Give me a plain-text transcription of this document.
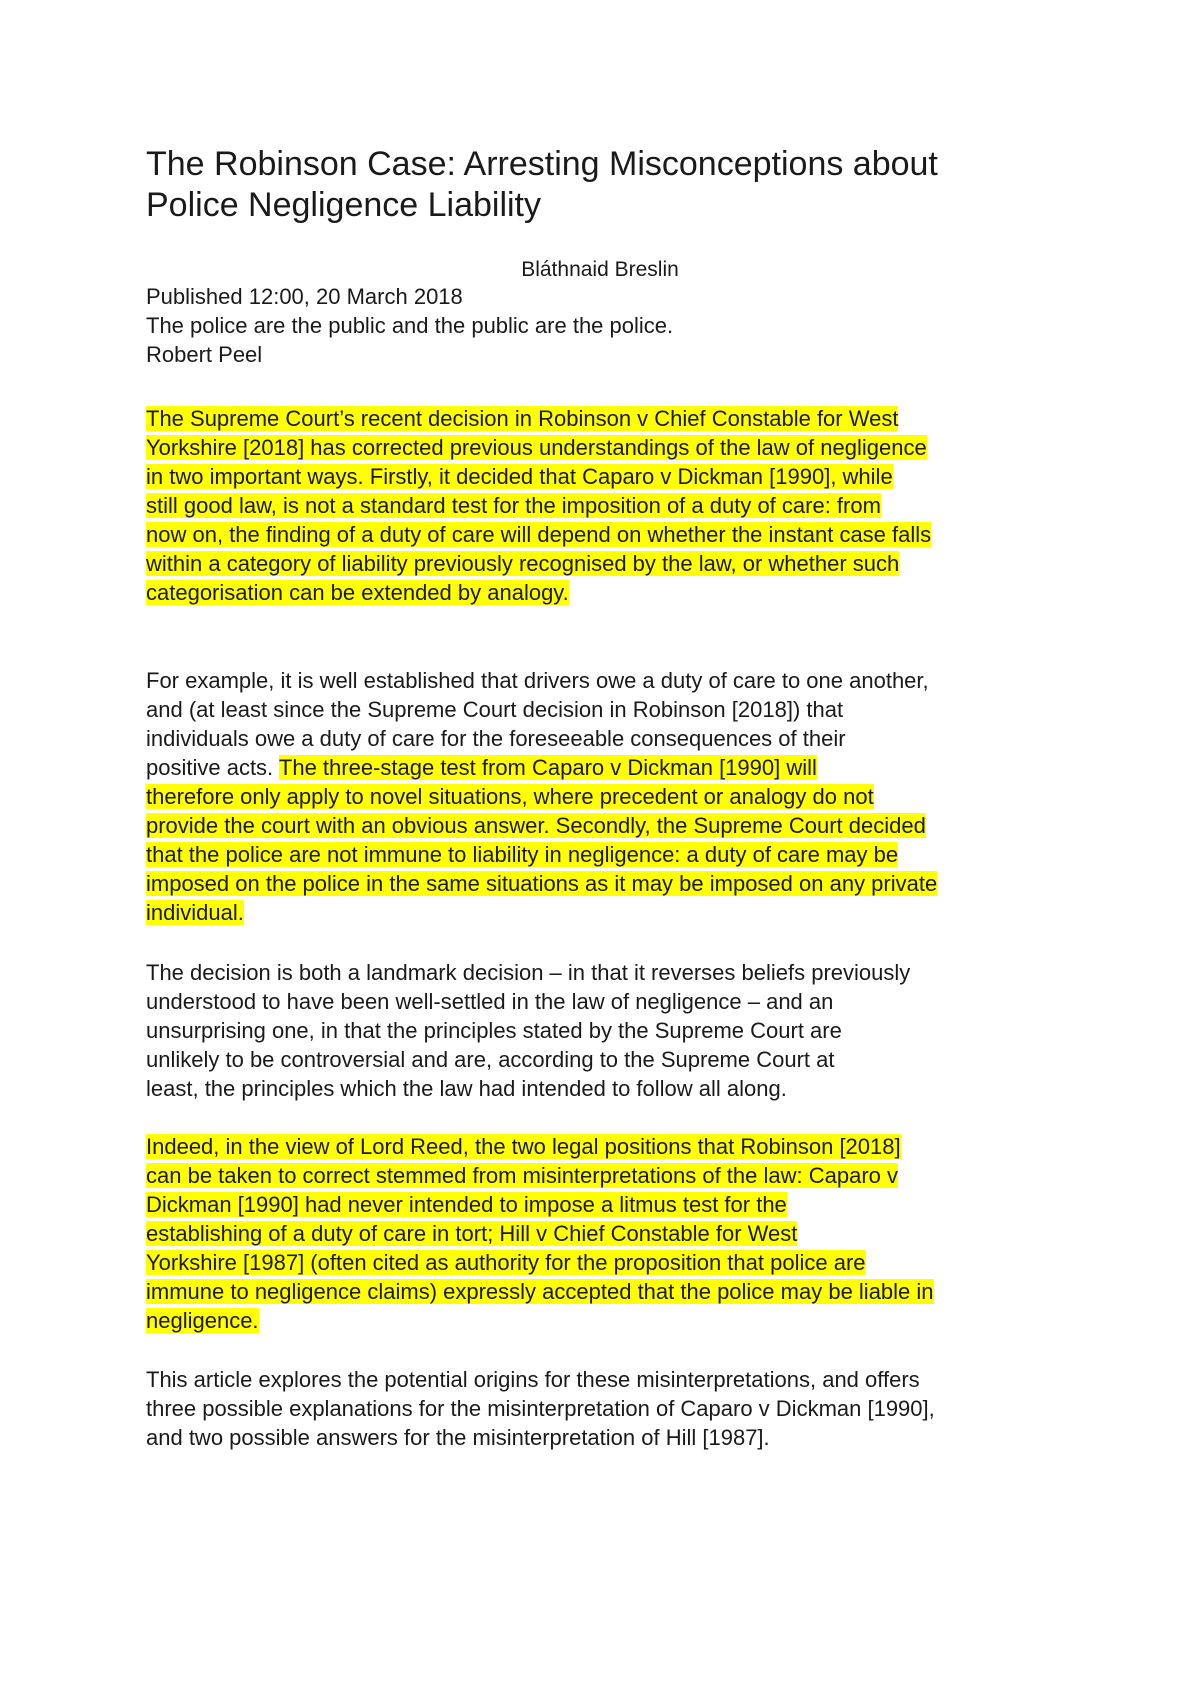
The Robinson Case: Arresting Misconceptions about
Police Negligence Liability

Bláthnaid Breslin

Published 12:00, 20 March 2018
The police are the public and the public are the police.
Robert Peel
The Supreme Court’s recent decision in Robinson v Chief Constable for West
Yorkshire [2018] has corrected previous understandings of the law of negligence
in two important ways. Firstly, it decided that Caparo v Dickman [1990], while
still good law, is not a standard test for the imposition of a duty of care: from
now on, the finding of a duty of care will depend on whether the instant case falls
within a category of liability previously recognised by the law, or whether such
categorisation can be extended by analogy.
For example, it is well established that drivers owe a duty of care to one another,
and (at least since the Supreme Court decision in Robinson [2018]) that
individuals owe a duty of care for the foreseeable consequences of their
positive acts. The three-stage test from Caparo v Dickman [1990] will
therefore only apply to novel situations, where precedent or analogy do not
provide the court with an obvious answer. Secondly, the Supreme Court decided
that the police are not immune to liability in negligence: a duty of care may be
imposed on the police in the same situations as it may be imposed on any private
individual.
The decision is both a landmark decision – in that it reverses beliefs previously
understood to have been well-settled in the law of negligence – and an
unsurprising one, in that the principles stated by the Supreme Court are
unlikely to be controversial and are, according to the Supreme Court at
least, the principles which the law had intended to follow all along.
Indeed, in the view of Lord Reed, the two legal positions that Robinson [2018]
can be taken to correct stemmed from misinterpretations of the law: Caparo v
Dickman [1990] had never intended to impose a litmus test for the
establishing of a duty of care in tort; Hill v Chief Constable for West
Yorkshire [1987] (often cited as authority for the proposition that police are
immune to negligence claims) expressly accepted that the police may be liable in
negligence.
This article explores the potential origins for these misinterpretations, and offers
three possible explanations for the misinterpretation of Caparo v Dickman [1990],
and two possible answers for the misinterpretation of Hill [1987].
